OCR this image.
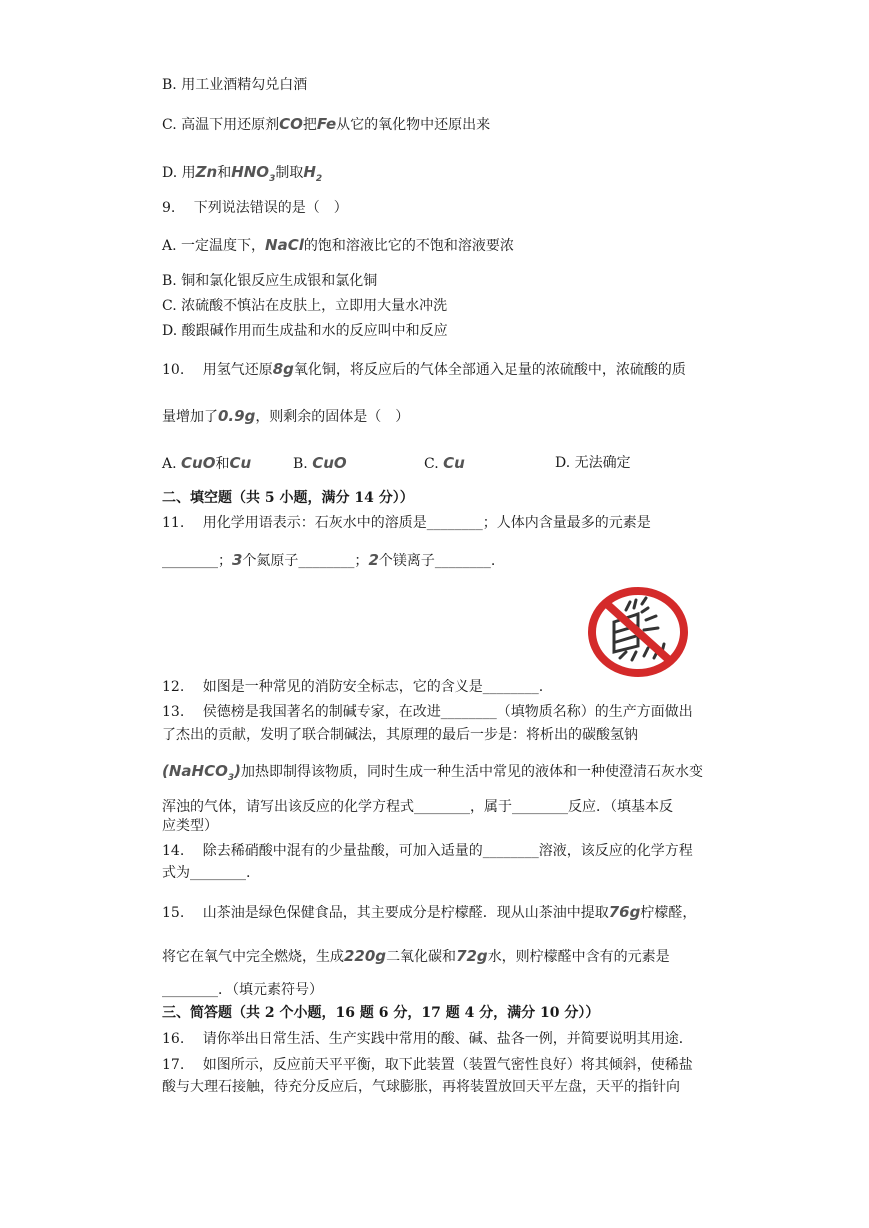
B. 用工业酒精勾兑白酒
C. 高温下用还原剂CO把Fe从它的氧化物中还原出来
D. 用Zn和$HNO_3$制取$H_2$
9.　 下列说法错误的是（　）
A. 一定温度下，NaCl的饱和溶液比它的不饱和溶液要浓
B. 铜和氯化银反应生成银和氯化铜
C. 浓硫酸不慎沾在皮肤上，立即用大量水冲洗
D. 酸跟碱作用而生成盐和水的反应叫中和反应
10.　 用氢气还原8g氧化铜，将反应后的气体全部通入足量的浓硫酸中，浓硫酸的质
量增加了0.9g，则剩余的固体是（　）
A. CuO和Cu	B. CuO	C. Cu	D. 无法确定
二、填空题（共 5 小题，满分 14 分））
11.　 用化学用语表示：石灰水中的溶质是________；人体内含量最多的元素是
________；3个氮原子________；2个镁离子________.
12.　 如图是一种常见的消防安全标志，它的含义是________.
13.　 侯德榜是我国著名的制碱专家，在改进________（填物质名称）的生产方面做出
了杰出的贡献，发明了联合制碱法，其原理的最后一步是：将析出的碳酸氢钠
(NaHCO$_3$)加热即制得该物质，同时生成一种生活中常见的液体和一种使澄清石灰水变
浑浊的气体，请写出该反应的化学方程式________，属于________反应．（填基本反
应类型）
14.　 除去稀硝酸中混有的少量盐酸，可加入适量的________溶液，该反应的化学方程
式为________.
15.　 山茶油是绿色保健食品，其主要成分是柠檬醛．现从山茶油中提取76g柠檬醛，
将它在氧气中完全燃烧，生成220g二氧化碳和72g水，则柠檬醛中含有的元素是
________．（填元素符号）
三、简答题（共 2 个小题，16 题 6 分，17 题 4 分，满分 10 分））
16.　 请你举出日常生活、生产实践中常用的酸、碱、盐各一例，并简要说明其用途．
17.　 如图所示，反应前天平平衡，取下此装置（装置气密性良好）将其倾斜，使稀盐
酸与大理石接触，待充分反应后，气球膨胀，再将装置放回天平左盘，天平的指针向
